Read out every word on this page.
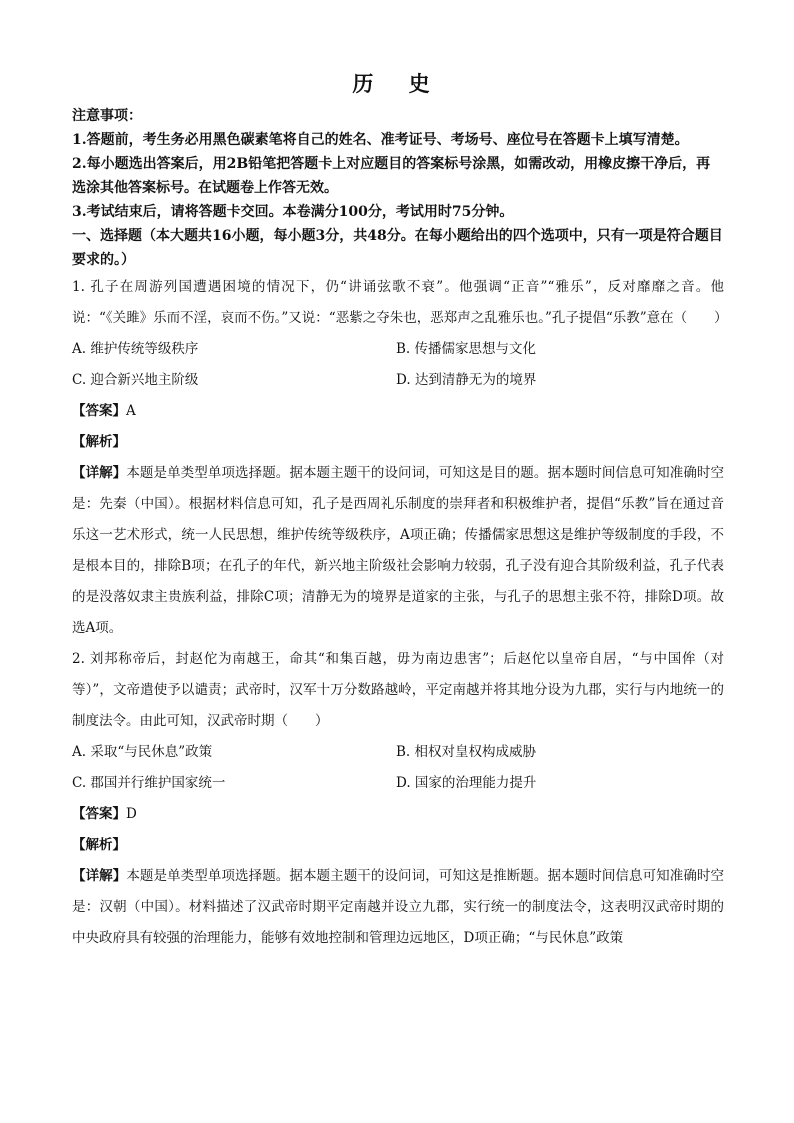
历 史
注意事项：
1.答题前，考生务必用黑色碳素笔将自己的姓名、准考证号、考场号、座位号在答题卡上填写清楚。
2.每小题选出答案后，用2B铅笔把答题卡上对应题目的答案标号涂黑，如需改动，用橡皮擦干净后，再选涂其他答案标号。在试题卷上作答无效。
3.考试结束后，请将答题卡交回。本卷满分100分，考试用时75分钟。
一、选择题（本大题共16小题，每小题3分，共48分。在每小题给出的四个选项中，只有一项是符合题目要求的。）
1. 孔子在周游列国遭遇困境的情况下，仍“讲诵弦歌不衰”。他强调“正音”“雅乐”，反对靡靡之音。他说：“《关雎》乐而不淫，哀而不伤。”又说：“恶紫之夺朱也，恶郑声之乱雅乐也。”孔子提倡“乐教”意在（　　）
A. 维护传统等级秩序	B. 传播儒家思想与文化
C. 迎合新兴地主阶级	D. 达到清静无为的境界
【答案】A
【解析】
【详解】本题是单类型单项选择题。据本题主题干的设问词，可知这是目的题。据本题时间信息可知准确时空是：先秦（中国）。根据材料信息可知，孔子是西周礼乐制度的崇拜者和积极维护者，提倡“乐教”旨在通过音乐这一艺术形式，统一人民思想，维护传统等级秩序，A项正确；传播儒家思想这是维护等级制度的手段，不是根本目的，排除B项；在孔子的年代，新兴地主阶级社会影响力较弱，孔子没有迎合其阶级利益，孔子代表的是没落奴隶主贵族利益，排除C项；清静无为的境界是道家的主张，与孔子的思想主张不符，排除D项。故选A项。
2. 刘邦称帝后，封赵佗为南越王，命其“和集百越，毋为南边患害”；后赵佗以皇帝自居，“与中国侔（对等）”，文帝遣使予以谴责；武帝时，汉军十万分数路越岭，平定南越并将其地分设为九郡，实行与内地统一的制度法令。由此可知，汉武帝时期（　　）
A. 采取“与民休息”政策	B. 相权对皇权构成威胁
C. 郡国并行维护国家统一	D. 国家的治理能力提升
【答案】D
【解析】
【详解】本题是单类型单项选择题。据本题主题干的设问词，可知这是推断题。据本题时间信息可知准确时空是：汉朝（中国）。材料描述了汉武帝时期平定南越并设立九郡，实行统一的制度法令，这表明汉武帝时期的中央政府具有较强的治理能力，能够有效地控制和管理边远地区，D项正确；“与民休息”政策
